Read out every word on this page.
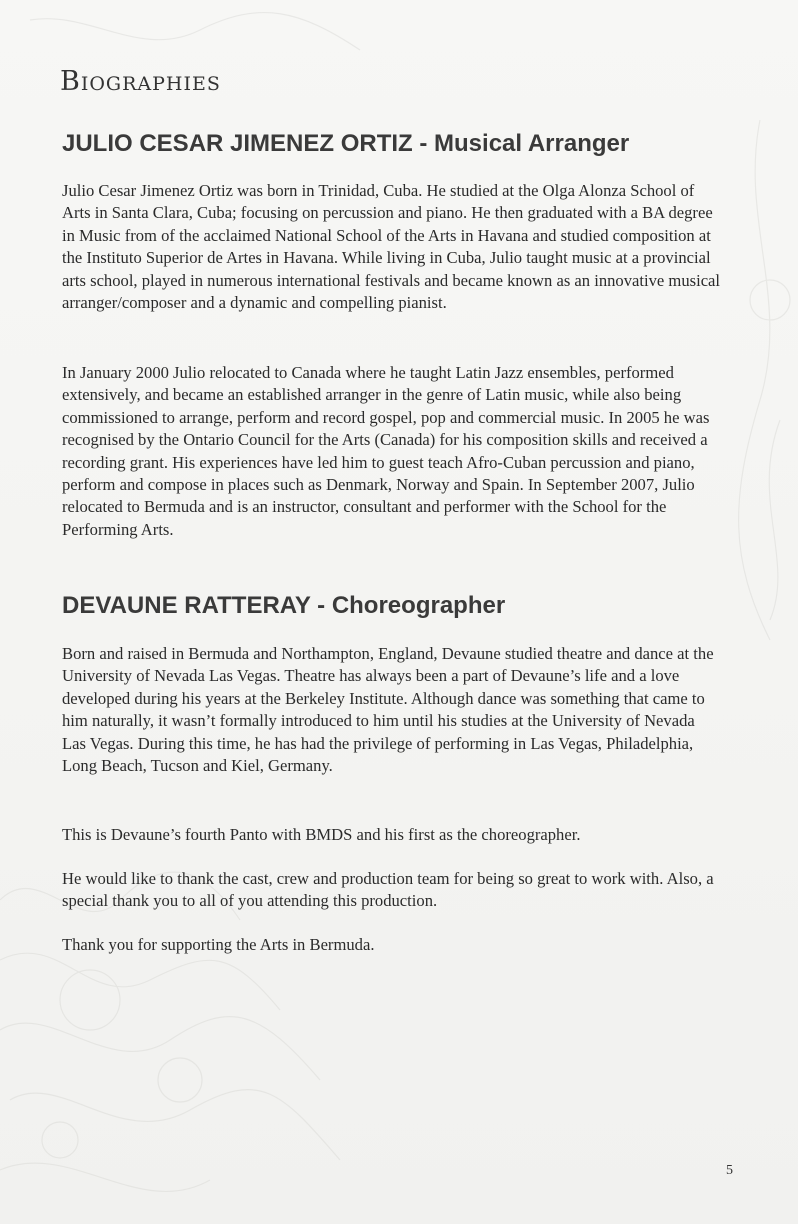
Biographies
JULIO CESAR JIMENEZ ORTIZ - Musical Arranger

Julio Cesar Jimenez Ortiz was born in Trinidad, Cuba. He studied at the Olga Alonza School of Arts in Santa Clara, Cuba; focusing on percussion and piano. He then graduated with a BA degree in Music from of the acclaimed National School of the Arts in Havana and studied composition at the Instituto Superior de Artes in Havana. While living in Cuba, Julio taught music at a provincial arts school, played in numerous international festivals and became known as an innovative musical arranger/composer and a dynamic and compelling pianist.

In January 2000 Julio relocated to Canada where he taught Latin Jazz ensembles, performed extensively, and became an established arranger in the genre of Latin music, while also being commissioned to arrange, perform and record gospel, pop and commercial music. In 2005 he was recognised by the Ontario Council for the Arts (Canada) for his composition skills and received a recording grant. His experiences have led him to guest teach Afro-Cuban percussion and piano, perform and compose in places such as Denmark, Norway and Spain. In September 2007, Julio relocated to Bermuda and is an instructor, consultant and performer with the School for the Performing Arts.

DEVAUNE RATTERAY - Choreographer

Born and raised in Bermuda and Northampton, England, Devaune studied theatre and dance at the University of Nevada Las Vegas. Theatre has always been a part of Devaune’s life and a love developed during his years at the Berkeley Institute. Although dance was something that came to him naturally, it wasn’t formally introduced to him until his studies at the University of Nevada Las Vegas. During this time, he has had the privilege of performing in Las Vegas, Philadelphia, Long Beach, Tucson and Kiel, Germany.

This is Devaune’s fourth Panto with BMDS and his first as the choreographer.

He would like to thank the cast, crew and production team for being so great to work with. Also, a special thank you to all of you attending this production.

Thank you for supporting the Arts in Bermuda.

5
